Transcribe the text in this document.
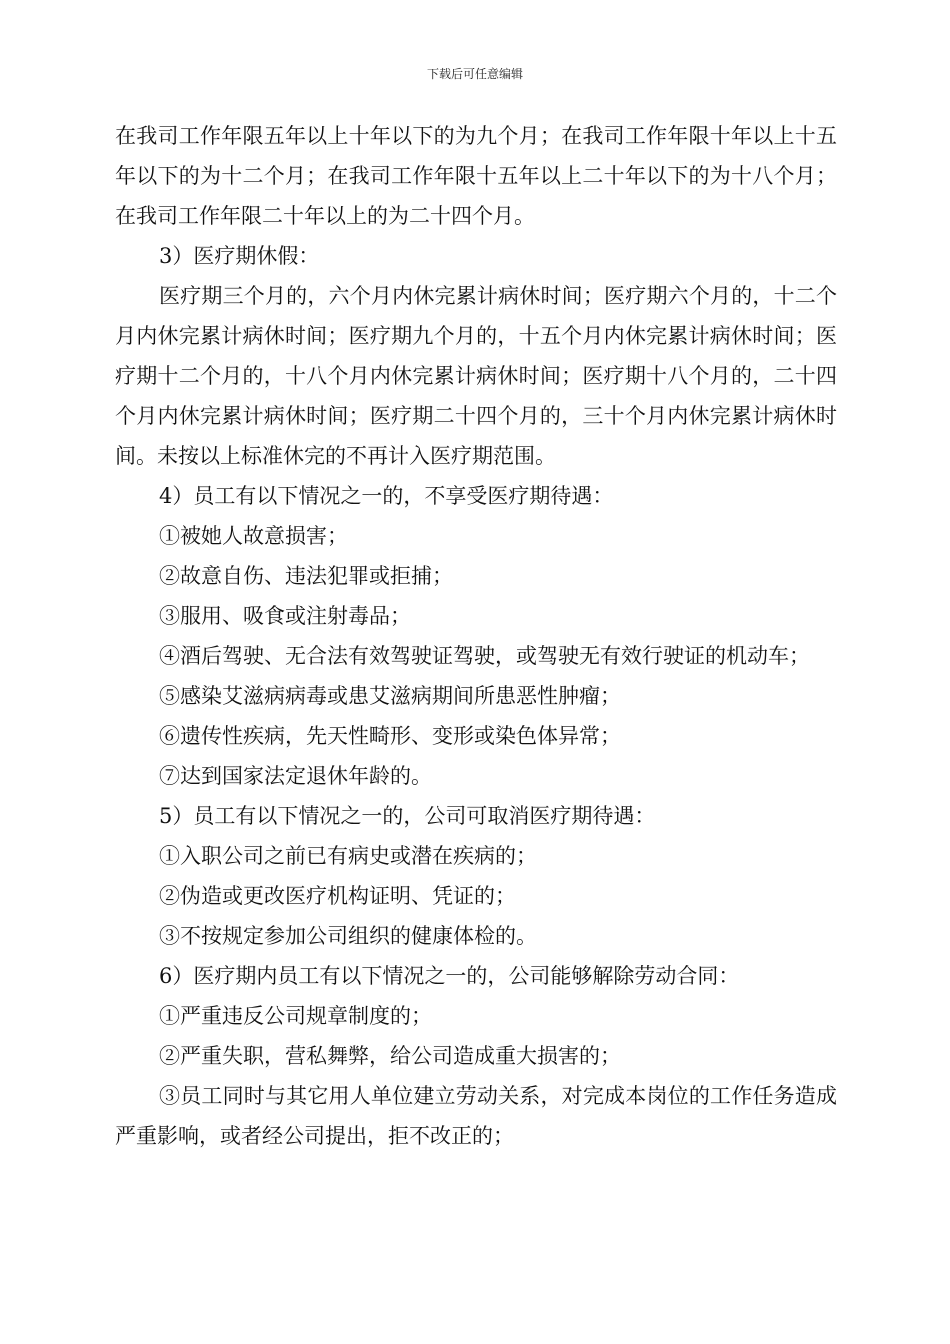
下载后可任意编辑

在我司工作年限五年以上十年以下的为九个月；在我司工作年限十年以上十五年以下的为十二个月；在我司工作年限十五年以上二十年以下的为十八个月；在我司工作年限二十年以上的为二十四个月。

3）医疗期休假：

医疗期三个月的，六个月内休完累计病休时间；医疗期六个月的，十二个月内休完累计病休时间；医疗期九个月的，十五个月内休完累计病休时间；医疗期十二个月的，十八个月内休完累计病休时间；医疗期十八个月的，二十四个月内休完累计病休时间；医疗期二十四个月的，三十个月内休完累计病休时间。未按以上标准休完的不再计入医疗期范围。

4）员工有以下情况之一的，不享受医疗期待遇：

①被她人故意损害；

②故意自伤、违法犯罪或拒捕；

③服用、吸食或注射毒品；

④酒后驾驶、无合法有效驾驶证驾驶，或驾驶无有效行驶证的机动车；

⑤感染艾滋病病毒或患艾滋病期间所患恶性肿瘤；

⑥遗传性疾病，先天性畸形、变形或染色体异常；

⑦达到国家法定退休年龄的。

5）员工有以下情况之一的，公司可取消医疗期待遇：

①入职公司之前已有病史或潜在疾病的；

②伪造或更改医疗机构证明、凭证的；

③不按规定参加公司组织的健康体检的。

6）医疗期内员工有以下情况之一的，公司能够解除劳动合同：

①严重违反公司规章制度的；

②严重失职，营私舞弊，给公司造成重大损害的；

③员工同时与其它用人单位建立劳动关系，对完成本岗位的工作任务造成严重影响，或者经公司提出，拒不改正的；
